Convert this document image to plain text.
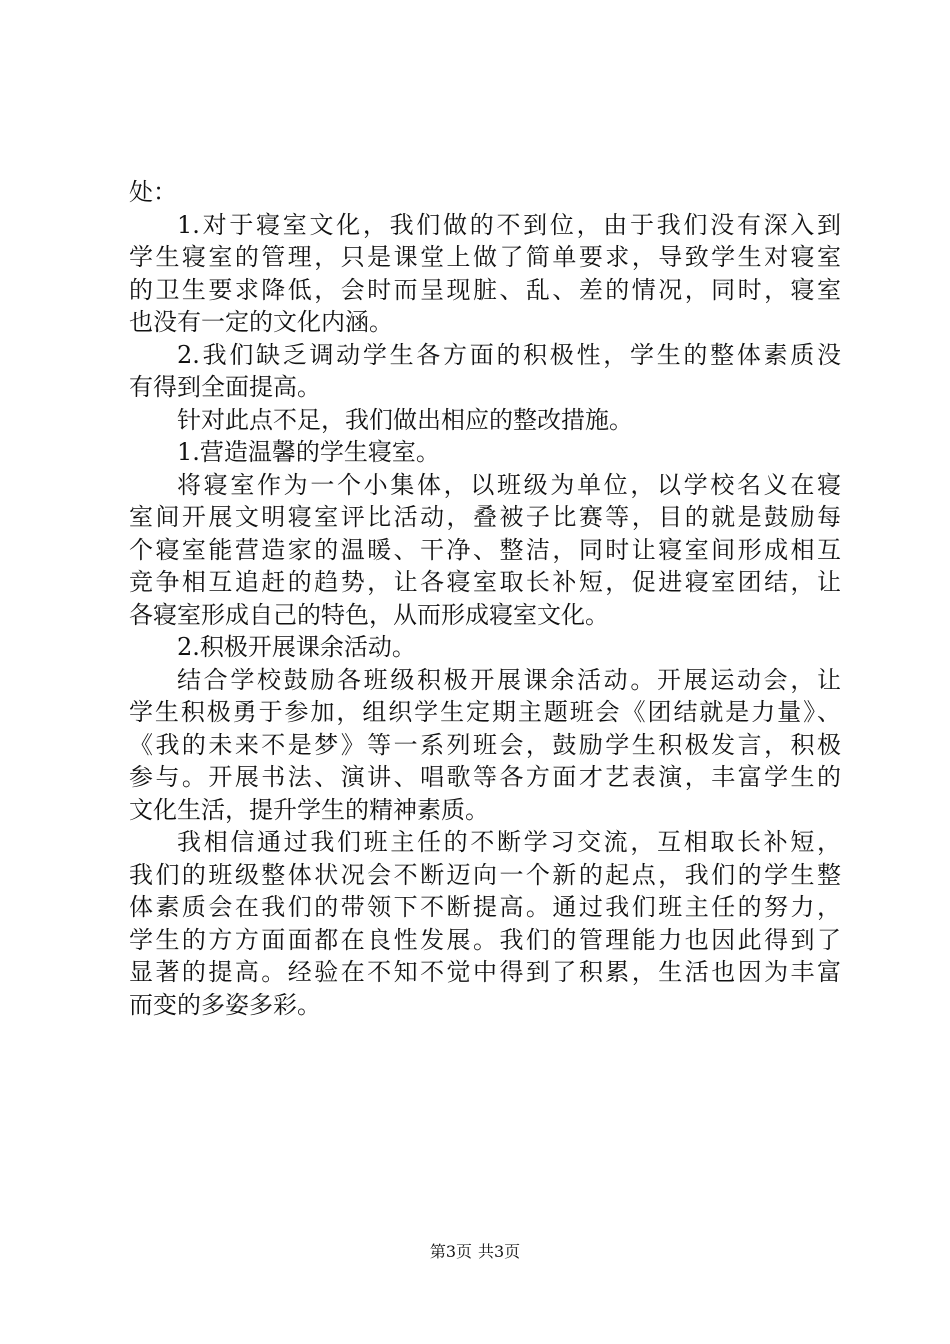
处：
1.对于寝室文化，我们做的不到位，由于我们没有深入到
学生寝室的管理，只是课堂上做了简单要求，导致学生对寝室
的卫生要求降低，会时而呈现脏、乱、差的情况，同时，寝室
也没有一定的文化内涵。
2.我们缺乏调动学生各方面的积极性，学生的整体素质没
有得到全面提高。
针对此点不足，我们做出相应的整改措施。
1.营造温馨的学生寝室。
将寝室作为一个小集体，以班级为单位，以学校名义在寝
室间开展文明寝室评比活动，叠被子比赛等，目的就是鼓励每
个寝室能营造家的温暖、干净、整洁，同时让寝室间形成相互
竞争相互追赶的趋势，让各寝室取长补短，促进寝室团结，让
各寝室形成自己的特色，从而形成寝室文化。
2.积极开展课余活动。
结合学校鼓励各班级积极开展课余活动。开展运动会，让
学生积极勇于参加，组织学生定期主题班会《团结就是力量》、
《我的未来不是梦》等一系列班会，鼓励学生积极发言，积极
参与。开展书法、演讲、唱歌等各方面才艺表演，丰富学生的
文化生活，提升学生的精神素质。
我相信通过我们班主任的不断学习交流，互相取长补短，
我们的班级整体状况会不断迈向一个新的起点，我们的学生整
体素质会在我们的带领下不断提高。通过我们班主任的努力，
学生的方方面面都在良性发展。我们的管理能力也因此得到了
显著的提高。经验在不知不觉中得到了积累，生活也因为丰富
而变的多姿多彩。
第3页 共3页
